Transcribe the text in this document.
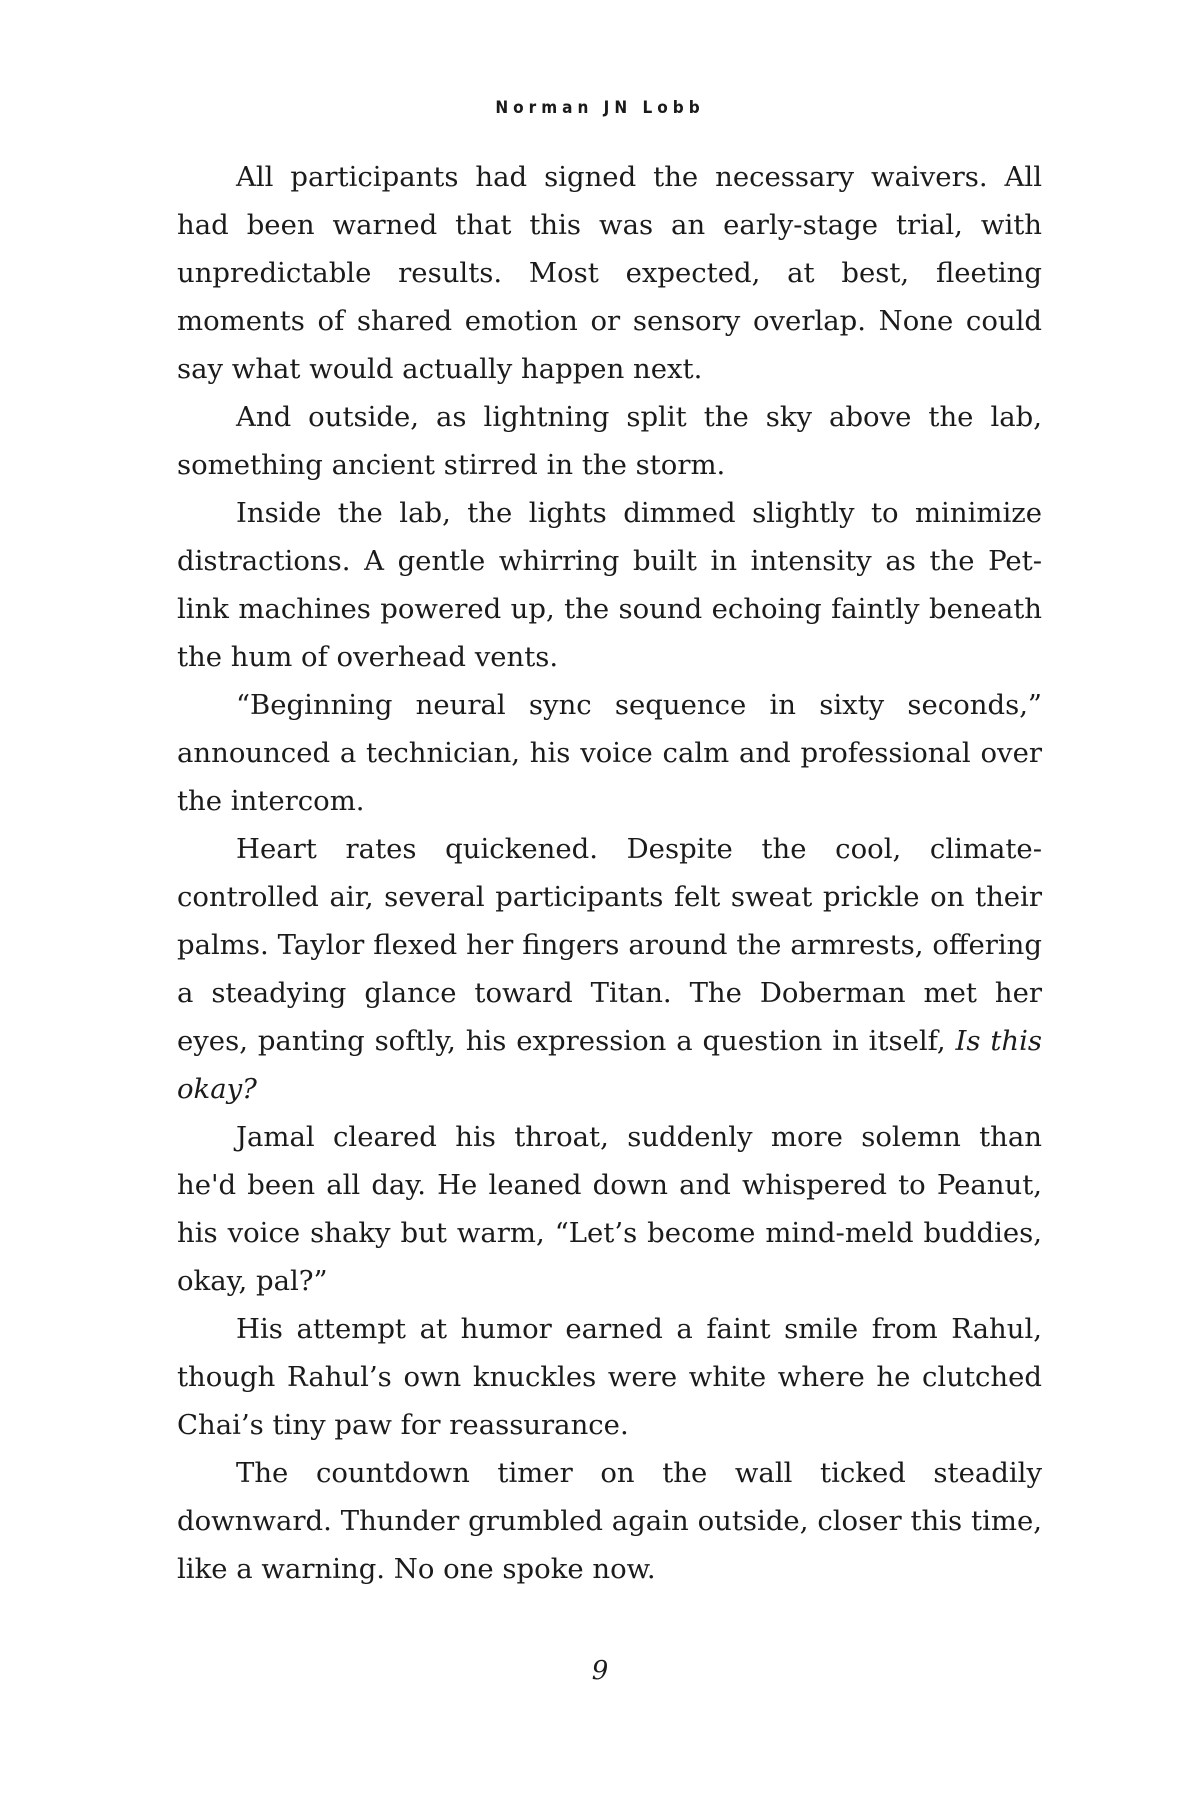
Norman JN Lobb

All participants had signed the necessary waivers. All had been warned that this was an early-stage trial, with unpredictable results. Most expected, at best, fleeting moments of shared emotion or sensory overlap. None could say what would actually happen next.

And outside, as lightning split the sky above the lab, something ancient stirred in the storm.

Inside the lab, the lights dimmed slightly to minimize distractions. A gentle whirring built in intensity as the Pet-link machines powered up, the sound echoing faintly beneath the hum of overhead vents.

“Beginning neural sync sequence in sixty seconds,” announced a technician, his voice calm and professional over the intercom.

Heart rates quickened. Despite the cool, climate-controlled air, several participants felt sweat prickle on their palms. Taylor flexed her fingers around the armrests, offering a steadying glance toward Titan. The Doberman met her eyes, panting softly, his expression a question in itself, Is this okay?

Jamal cleared his throat, suddenly more solemn than he'd been all day. He leaned down and whispered to Peanut, his voice shaky but warm, “Let’s become mind-meld buddies, okay, pal?”

His attempt at humor earned a faint smile from Rahul, though Rahul’s own knuckles were white where he clutched Chai’s tiny paw for reassurance.

The countdown timer on the wall ticked steadily downward. Thunder grumbled again outside, closer this time, like a warning. No one spoke now.

9
